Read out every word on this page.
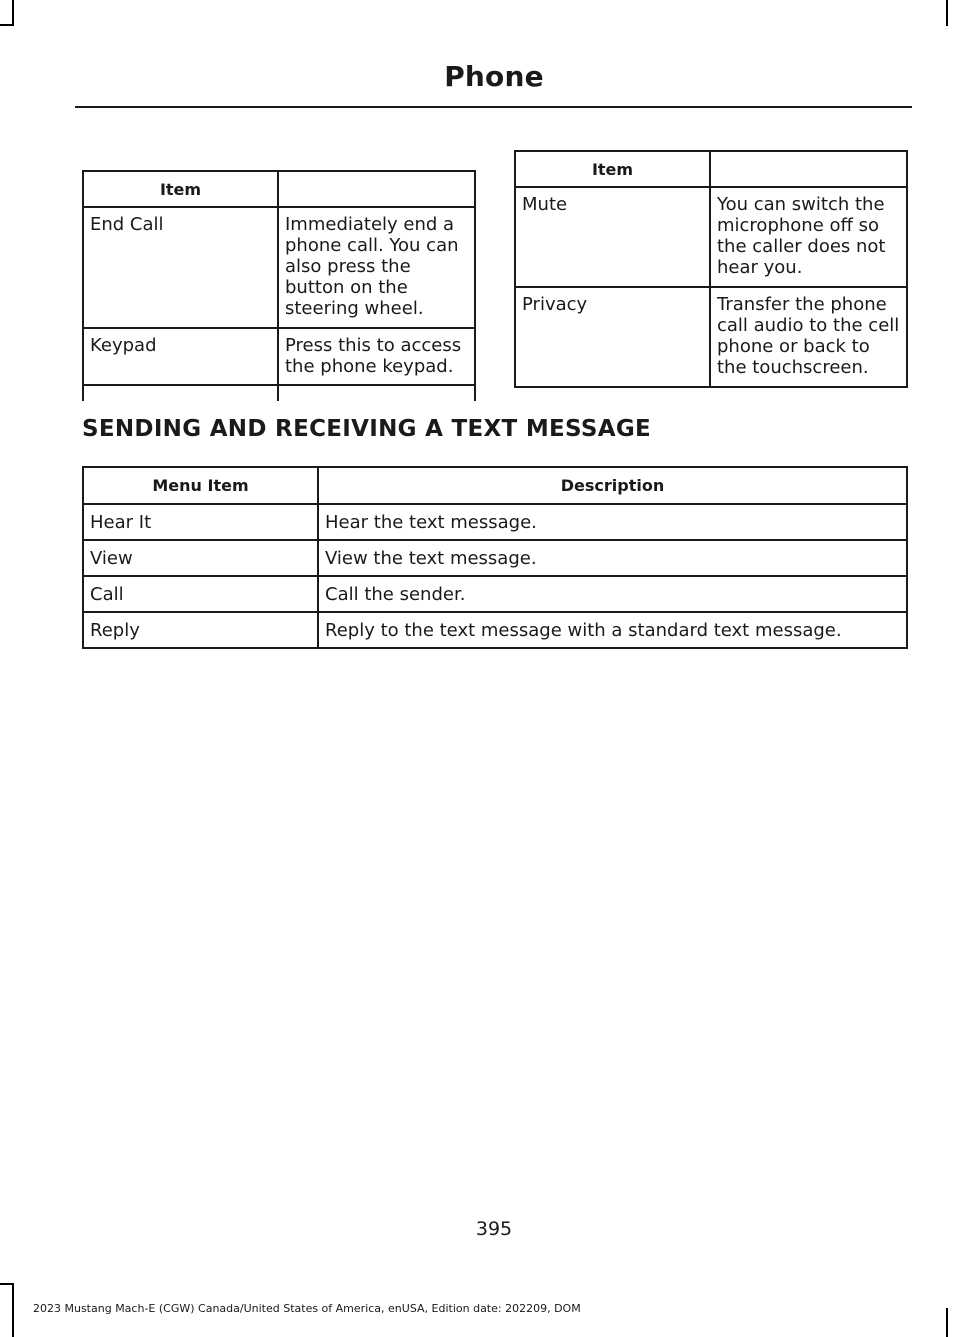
Phone
Item	
End Call	Immediately end a phone call. You can also press the button on the steering wheel.
Keypad	Press this to access the phone keypad.

Item	
Mute	You can switch the microphone off so the caller does not hear you.
Privacy	Transfer the phone call audio to the cell phone or back to the touchscreen.
SENDING AND RECEIVING A TEXT MESSAGE
Menu Item	Description
Hear It	Hear the text message.
View	View the text message.
Call	Call the sender.
Reply	Reply to the text message with a standard text message.
395
2023 Mustang Mach-E (CGW) Canada/United States of America, enUSA, Edition date: 202209, DOM
